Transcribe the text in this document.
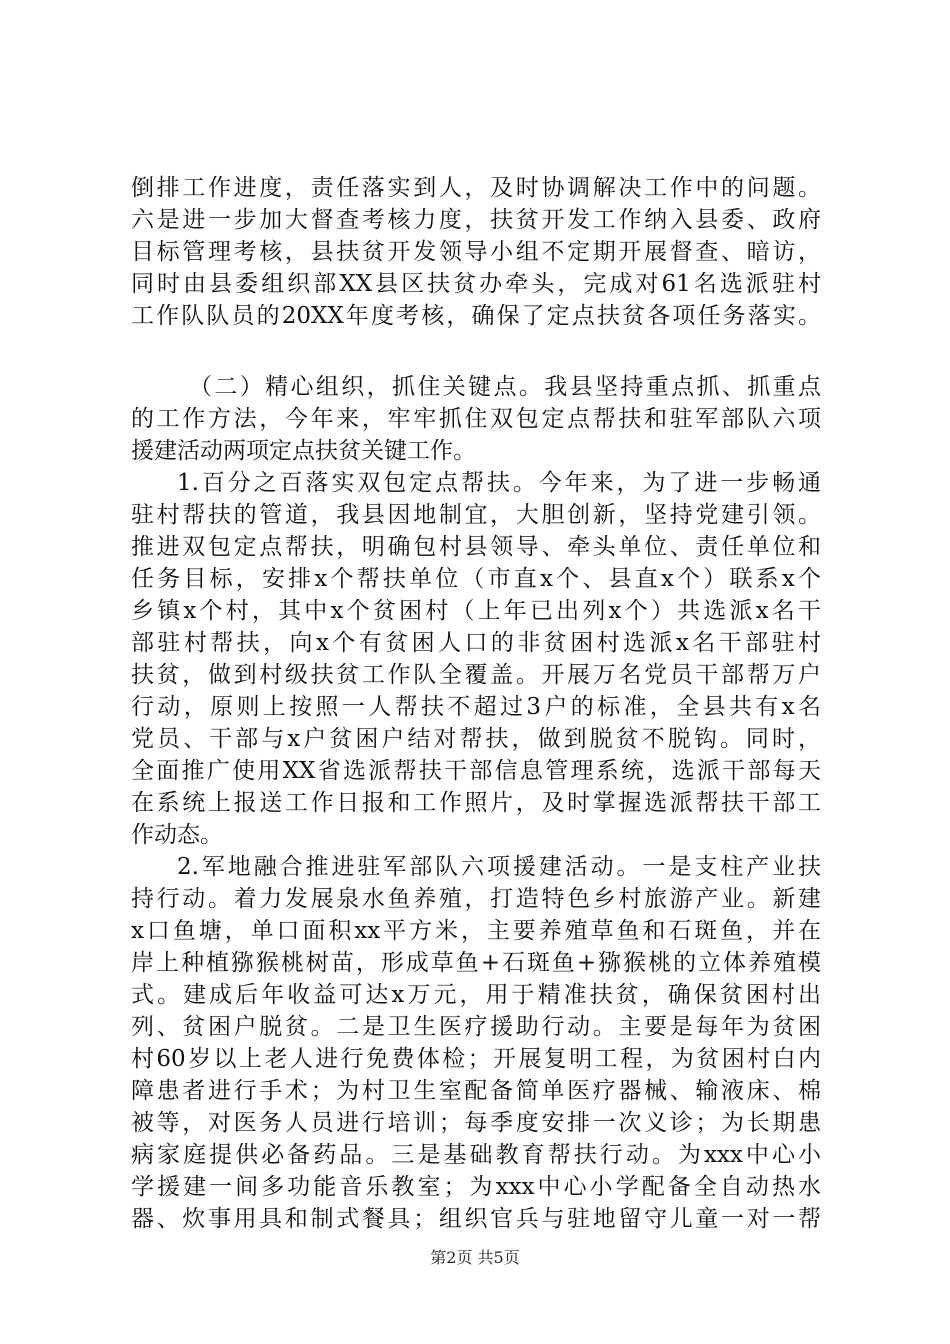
倒排工作进度，责任落实到人，及时协调解决工作中的问题。
六是进一步加大督查考核力度，扶贫开发工作纳入县委、政府
目标管理考核，县扶贫开发领导小组不定期开展督查、暗访，
同时由县委组织部XX县区扶贫办牵头，完成对61名选派驻村
工作队队员的20XX年度考核，确保了定点扶贫各项任务落实。
（二）精心组织，抓住关键点。我县坚持重点抓、抓重点
的工作方法，今年来，牢牢抓住双包定点帮扶和驻军部队六项
援建活动两项定点扶贫关键工作。
1.百分之百落实双包定点帮扶。今年来，为了进一步畅通
驻村帮扶的管道，我县因地制宜，大胆创新，坚持党建引领。
推进双包定点帮扶，明确包村县领导、牵头单位、责任单位和
任务目标，安排x个帮扶单位（市直x个、县直x个）联系x个
乡镇x个村，其中x个贫困村（上年已出列x个）共选派x名干
部驻村帮扶，向x个有贫困人口的非贫困村选派x名干部驻村
扶贫，做到村级扶贫工作队全覆盖。开展万名党员干部帮万户
行动，原则上按照一人帮扶不超过3户的标准，全县共有x名
党员、干部与x户贫困户结对帮扶，做到脱贫不脱钩。同时，
全面推广使用XX省选派帮扶干部信息管理系统，选派干部每天
在系统上报送工作日报和工作照片，及时掌握选派帮扶干部工
作动态。
2.军地融合推进驻军部队六项援建活动。一是支柱产业扶
持行动。着力发展泉水鱼养殖，打造特色乡村旅游产业。新建
x口鱼塘，单口面积xx平方米，主要养殖草鱼和石斑鱼，并在
岸上种植猕猴桃树苗，形成草鱼+石斑鱼+猕猴桃的立体养殖模
式。建成后年收益可达x万元，用于精准扶贫，确保贫困村出
列、贫困户脱贫。二是卫生医疗援助行动。主要是每年为贫困
村60岁以上老人进行免费体检；开展复明工程，为贫困村白内
障患者进行手术；为村卫生室配备简单医疗器械、输液床、棉
被等，对医务人员进行培训；每季度安排一次义诊；为长期患
病家庭提供必备药品。三是基础教育帮扶行动。为xxx中心小
学援建一间多功能音乐教室；为xxx中心小学配备全自动热水
器、炊事用具和制式餐具；组织官兵与驻地留守儿童一对一帮
第2页 共5页
